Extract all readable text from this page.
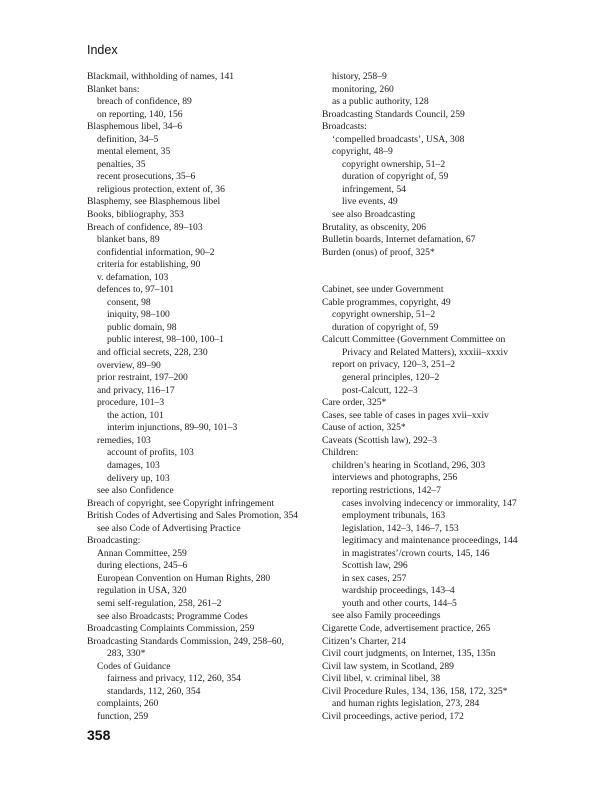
Index
Blackmail, withholding of names, 141
Blanket bans:
breach of confidence, 89
on reporting, 140, 156
Blasphemous libel, 34–6
definition, 34–5
mental element, 35
penalties, 35
recent prosecutions, 35–6
religious protection, extent of, 36
Blasphemy, see Blasphemous libel
Books, bibliography, 353
Breach of confidence, 89–103
blanket bans, 89
confidential information, 90–2
criteria for establishing, 90
v. defamation, 103
defences to, 97–101
consent, 98
iniquity, 98–100
public domain, 98
public interest, 98–100, 100–1
and official secrets, 228, 230
overview, 89–90
prior restraint, 197–200
and privacy, 116–17
procedure, 101–3
the action, 101
interim injunctions, 89–90, 101–3
remedies, 103
account of profits, 103
damages, 103
delivery up, 103
see also Confidence
Breach of copyright, see Copyright infringement
British Codes of Advertising and Sales Promotion, 354
see also Code of Advertising Practice
Broadcasting:
Annan Committee, 259
during elections, 245–6
European Convention on Human Rights, 280
regulation in USA, 320
semi self-regulation, 258, 261–2
see also Broadcasts; Programme Codes
Broadcasting Complaints Commission, 259
Broadcasting Standards Commission, 249, 258–60,
283, 330*
Codes of Guidance
fairness and privacy, 112, 260, 354
standards, 112, 260, 354
complaints, 260
function, 259
history, 258–9
monitoring, 260
as a public authority, 128
Broadcasting Standards Council, 259
Broadcasts:
‘compelled broadcasts’, USA, 308
copyright, 48–9
copyright ownership, 51–2
duration of copyright of, 59
infringement, 54
live events, 49
see also Broadcasting
Brutality, as obscenity, 206
Bulletin boards, Internet defamation, 67
Burden (onus) of proof, 325*
Cabinet, see under Government
Cable programmes, copyright, 49
copyright ownership, 51–2
duration of copyright of, 59
Calcutt Committee (Government Committee on
Privacy and Related Matters), xxxiii–xxxiv
report on privacy, 120–3, 251–2
general principles, 120–2
post-Calcutt, 122–3
Care order, 325*
Cases, see table of cases in pages xvii–xxiv
Cause of action, 325*
Caveats (Scottish law), 292–3
Children:
children’s hearing in Scotland, 296, 303
interviews and photographs, 256
reporting restrictions, 142–7
cases involving indecency or immorality, 147
employment tribunals, 163
legislation, 142–3, 146–7, 153
legitimacy and maintenance proceedings, 144
in magistrates’/crown courts, 145, 146
Scottish law, 296
in sex cases, 257
wardship proceedings, 143–4
youth and other courts, 144–5
see also Family proceedings
Cigarette Code, advertisement practice, 265
Citizen’s Charter, 214
Civil court judgments, on Internet, 135, 135n
Civil law system, in Scotland, 289
Civil libel, v. criminal libel, 38
Civil Procedure Rules, 134, 136, 158, 172, 325*
and human rights legislation, 273, 284
Civil proceedings, active period, 172
358
